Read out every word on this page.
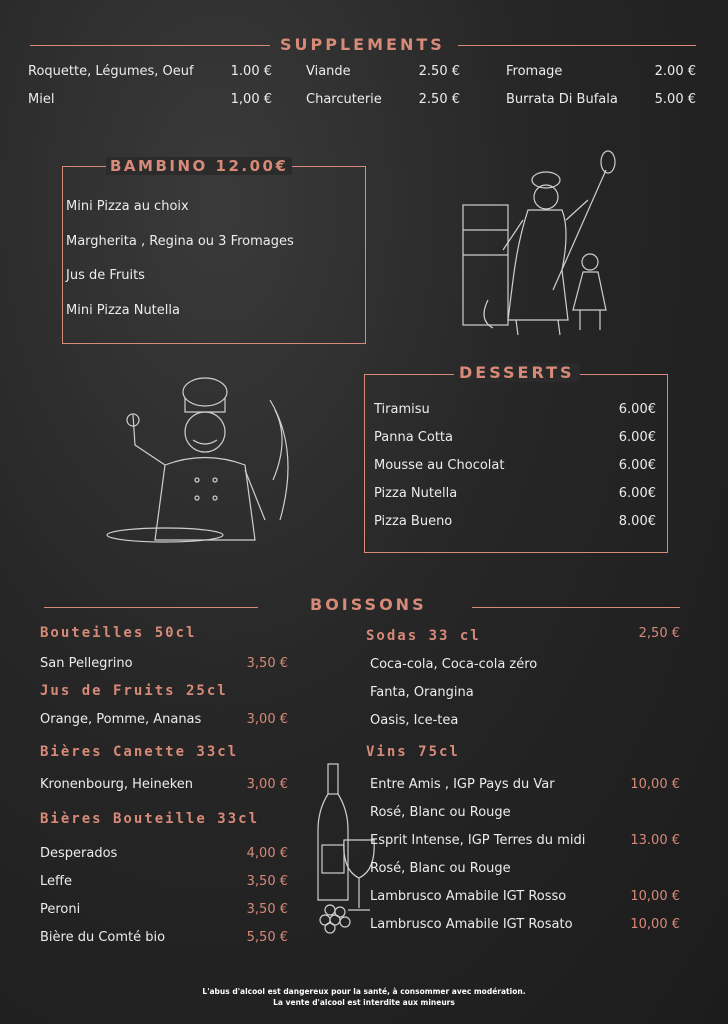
SUPPLEMENTS
Roquette, Légumes, Oeuf	1.00 €
Miel	1,00 €
Viande	2.50 €
Charcuterie	2.50 €
Fromage	2.00 €
Burrata Di Bufala	5.00 €
BAMBINO 12.00€
Mini Pizza au choix
Margherita , Regina ou 3 Fromages
Jus de Fruits
Mini Pizza Nutella
DESSERTS
Tiramisu	6.00€
Panna Cotta	6.00€
Mousse au Chocolat	6.00€
Pizza Nutella	6.00€
Pizza Bueno	8.00€
BOISSONS
Bouteilles 50cl
San Pellegrino	3,50 €
Jus de Fruits 25cl
Orange, Pomme, Ananas	3,00 €
Bières Canette 33cl
Kronenbourg, Heineken	3,00 €
Bières Bouteille 33cl
Desperados	4,00 €
Leffe	3,50 €
Peroni	3,50 €
Bière du Comté bio	5,50 €
Sodas 33 cl	2,50 €
Coca-cola, Coca-cola zéro
Fanta, Orangina
Oasis, Ice-tea
Vins 75cl
Entre Amis , IGP Pays du Var	10,00 €
Rosé, Blanc ou Rouge
Esprit Intense, IGP Terres du midi	13.00 €
Rosé, Blanc ou Rouge
Lambrusco Amabile IGT Rosso	10,00 €
Lambrusco Amabile IGT Rosato	10,00 €
L'abus d'alcool est dangereux pour la santé, à consommer avec modération.
La vente d'alcool est interdite aux mineurs
